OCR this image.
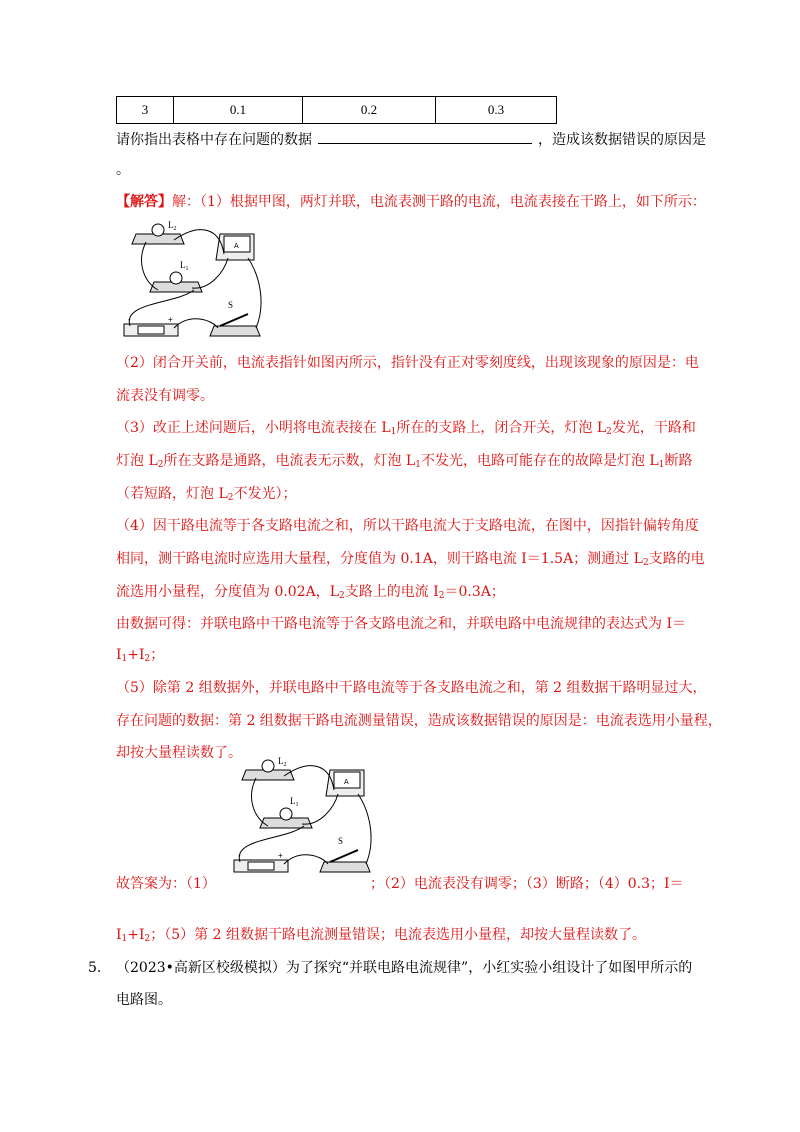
3	0.1	0.2	0.3
请你指出表格中存在问题的数据	，造成该数据错误的原因是
。
【解答】解：（1）根据甲图，两灯并联，电流表测干路的电流，电流表接在干路上，如下所示：
$L_2$
$L_1$
A
-	+
S
（2）闭合开关前，电流表指针如图丙所示，指针没有正对零刻度线，出现该现象的原因是：电
流表没有调零。
（3）改正上述问题后，小明将电流表接在 $L_1$所在的支路上，闭合开关，灯泡 $L_2$发光，干路和
灯泡 $L_2$所在支路是通路，电流表无示数，灯泡 $L_1$不发光，电路可能存在的故障是灯泡 $L_1$断路
（若短路，灯泡 $L_2$不发光）；
（4）因干路电流等于各支路电流之和，所以干路电流大于支路电流，在图中，因指针偏转角度
相同，测干路电流时应选用大量程，分度值为 0.1A，则干路电流 I＝1.5A；测通过 $L_2$支路的电
流选用小量程，分度值为 0.02A，$L_2$支路上的电流 $I_2=0.3A$；
由数据可得：并联电路中干路电流等于各支路电流之和，并联电路中电流规律的表达式为 I＝
$I_1+I_2$；
（5）除第 2 组数据外，并联电路中干路电流等于各支路电流之和，第 2 组数据干路明显过大，
存在问题的数据：第 2 组数据干路电流测量错误，造成该数据错误的原因是：电流表选用小量程，
却按大量程读数了。	$L_2$
$L_1$
A
-	+
S
故答案为：（1）	；（2）电流表没有调零；（3）断路；（4）0.3；I＝
$I_1+I_2$；（5）第 2 组数据干路电流测量错误；电流表选用小量程，却按大量程读数了。
5. （2023•高新区校级模拟）为了探究“并联电路电流规律”，小红实验小组设计了如图甲所示的
电路图。
